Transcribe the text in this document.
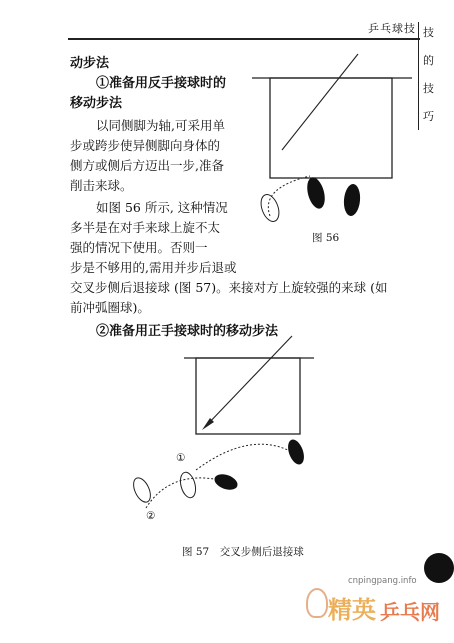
乒乓球技 技
的
技
巧
动步法
①准备用反手接球时的
移动步法
以同侧脚为轴,可采用单
步或跨步使异侧脚向身体的
侧方或侧后方迈出一步,准备
削击来球。
如图 56 所示, 这种情况
多半是在对手来球上旋不太
强的情况下使用。否则一
步是不够用的,需用并步后退或
交叉步侧后退接球 (图 57)。来接对方上旋较强的来球 (如
前冲弧圈球)。
②准备用正手接球时的移动步法
图 56
①
②
图 57　交叉步侧后退接球
cnpingpang.info
精英 乒乓网
